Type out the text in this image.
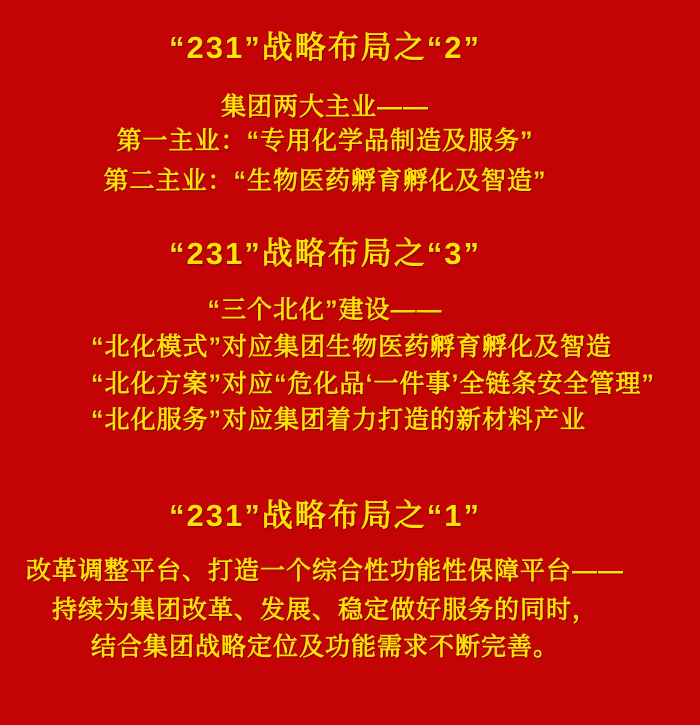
“231”战略布局之“2”
集团两大主业——
第一主业：“专用化学品制造及服务”
第二主业：“生物医药孵育孵化及智造”
“231”战略布局之“3”
“三个北化”建设——
“北化模式”对应集团生物医药孵育孵化及智造
“北化方案”对应“危化品‘一件事’全链条安全管理”
“北化服务”对应集团着力打造的新材料产业
“231”战略布局之“1”
改革调整平台、打造一个综合性功能性保障平台——
持续为集团改革、发展、稳定做好服务的同时，
结合集团战略定位及功能需求不断完善。
